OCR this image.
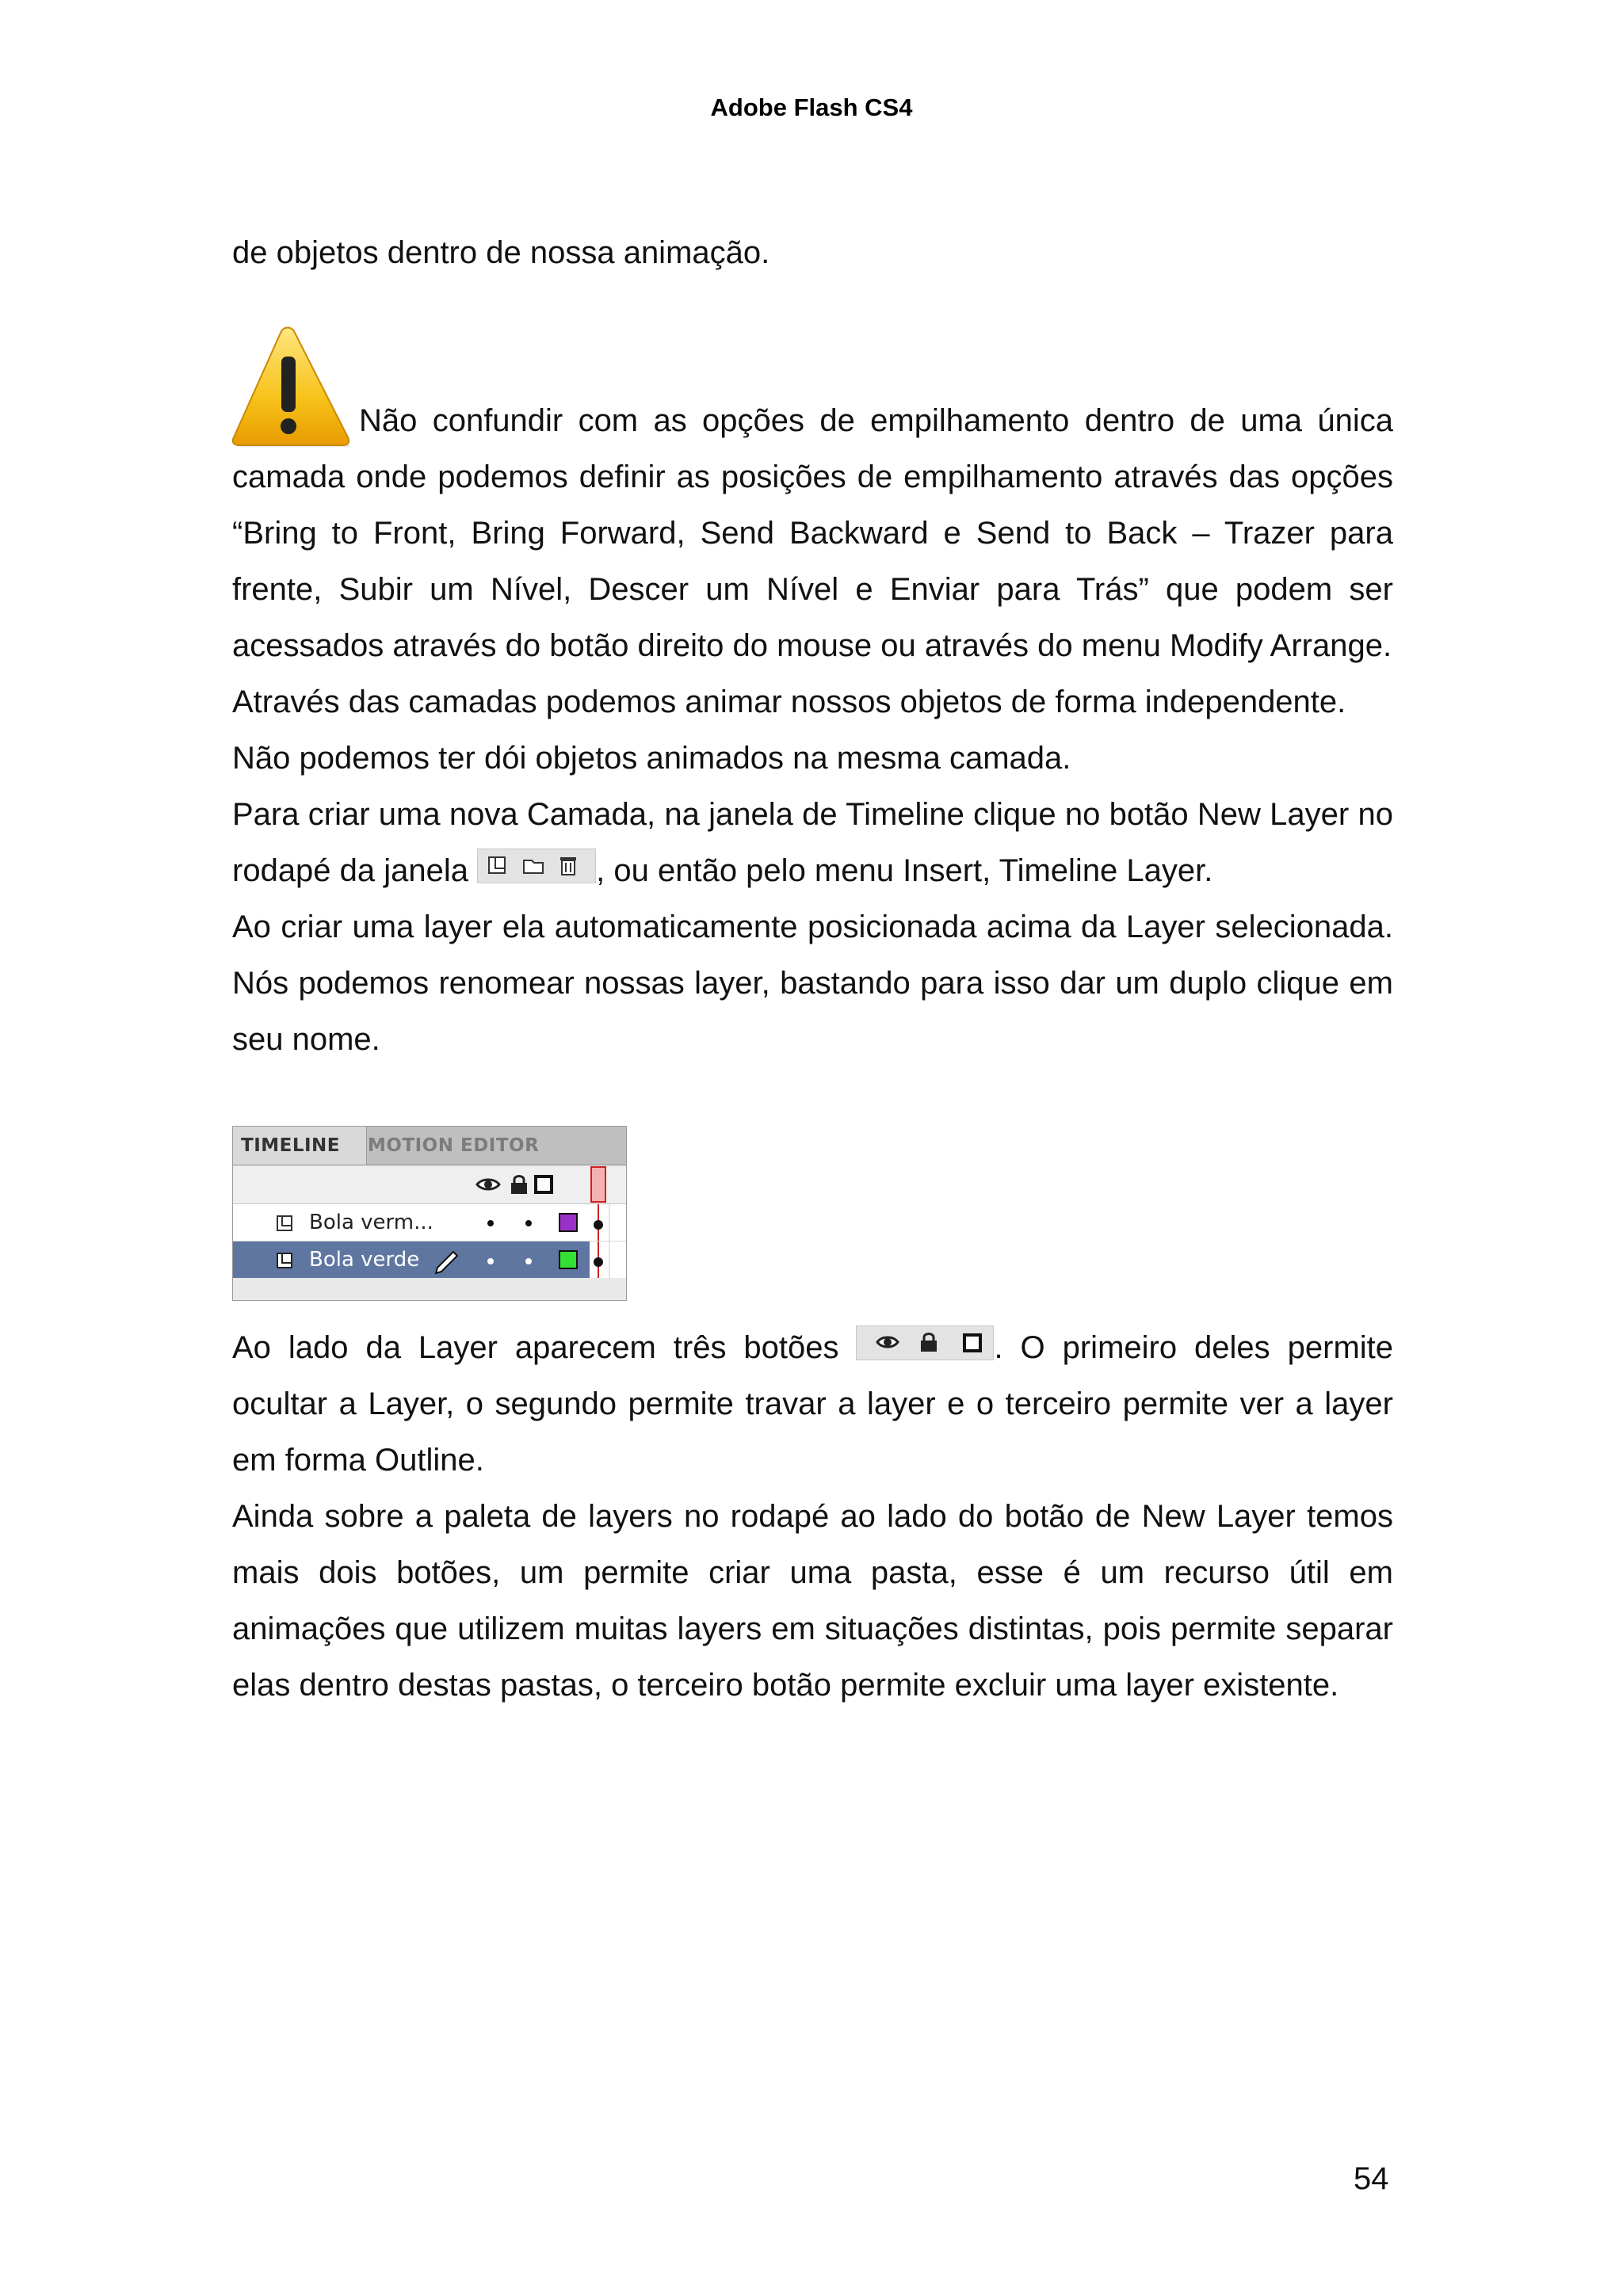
Adobe Flash CS4

de objetos dentro de nossa animação.

Não confundir com as opções de empilhamento dentro de uma única camada onde podemos definir as posições de empilhamento através das opções “Bring to Front, Bring Forward, Send Backward e Send to Back – Trazer para frente, Subir um Nível, Descer um Nível e Enviar para Trás” que podem ser acessados através do botão direito do mouse ou através do menu Modify Arrange.

Através das camadas podemos animar nossos objetos de forma independente.

Não podemos ter dói objetos animados na mesma camada.

Para criar uma nova Camada, na janela de Timeline clique no botão New Layer no rodapé da janela	, ou então pelo menu Insert, Timeline Layer.

Ao criar uma layer ela automaticamente posicionada acima da Layer selecionada. Nós podemos renomear nossas layer, bastando para isso dar um duplo clique em seu nome.

TIMELINE	MOTION EDITOR
Bola verm...
Bola verde

Ao lado da Layer aparecem três botões	. O primeiro deles permite ocultar a Layer, o segundo permite travar a layer e o terceiro permite ver a layer em forma Outline.

Ainda sobre a paleta de layers no rodapé ao lado do botão de New Layer temos mais dois botões, um permite criar uma pasta, esse é um recurso útil em animações que utilizem muitas layers em situações distintas, pois permite separar elas dentro destas pastas, o terceiro botão permite excluir uma layer existente.

54
